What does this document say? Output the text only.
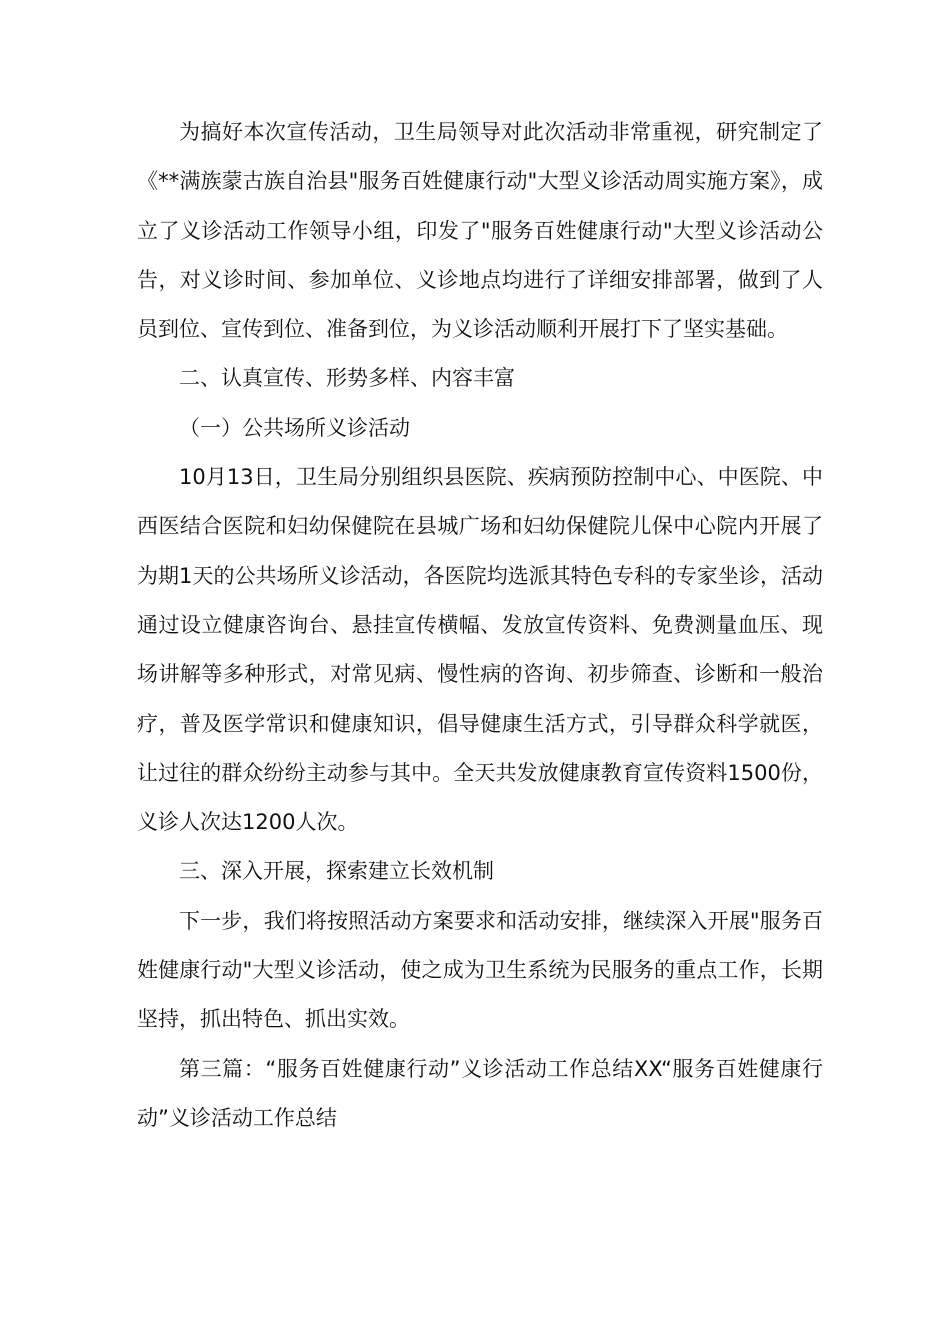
为搞好本次宣传活动，卫生局领导对此次活动非常重视，研究制定了《**满族蒙古族自治县"服务百姓健康行动"大型义诊活动周实施方案》，成立了义诊活动工作领导小组，印发了"服务百姓健康行动"大型义诊活动公告，对义诊时间、参加单位、义诊地点均进行了详细安排部署，做到了人员到位、宣传到位、准备到位，为义诊活动顺利开展打下了坚实基础。

二、认真宣传、形势多样、内容丰富

（一）公共场所义诊活动

10月13日，卫生局分别组织县医院、疾病预防控制中心、中医院、中西医结合医院和妇幼保健院在县城广场和妇幼保健院儿保中心院内开展了为期1天的公共场所义诊活动，各医院均选派其特色专科的专家坐诊，活动通过设立健康咨询台、悬挂宣传横幅、发放宣传资料、免费测量血压、现场讲解等多种形式，对常见病、慢性病的咨询、初步筛查、诊断和一般治疗，普及医学常识和健康知识，倡导健康生活方式，引导群众科学就医，让过往的群众纷纷主动参与其中。全天共发放健康教育宣传资料1500份，义诊人次达1200人次。

三、深入开展，探索建立长效机制

下一步，我们将按照活动方案要求和活动安排，继续深入开展"服务百姓健康行动"大型义诊活动，使之成为卫生系统为民服务的重点工作，长期坚持，抓出特色、抓出实效。

第三篇：“服务百姓健康行动”义诊活动工作总结XX“服务百姓健康行动”义诊活动工作总结
